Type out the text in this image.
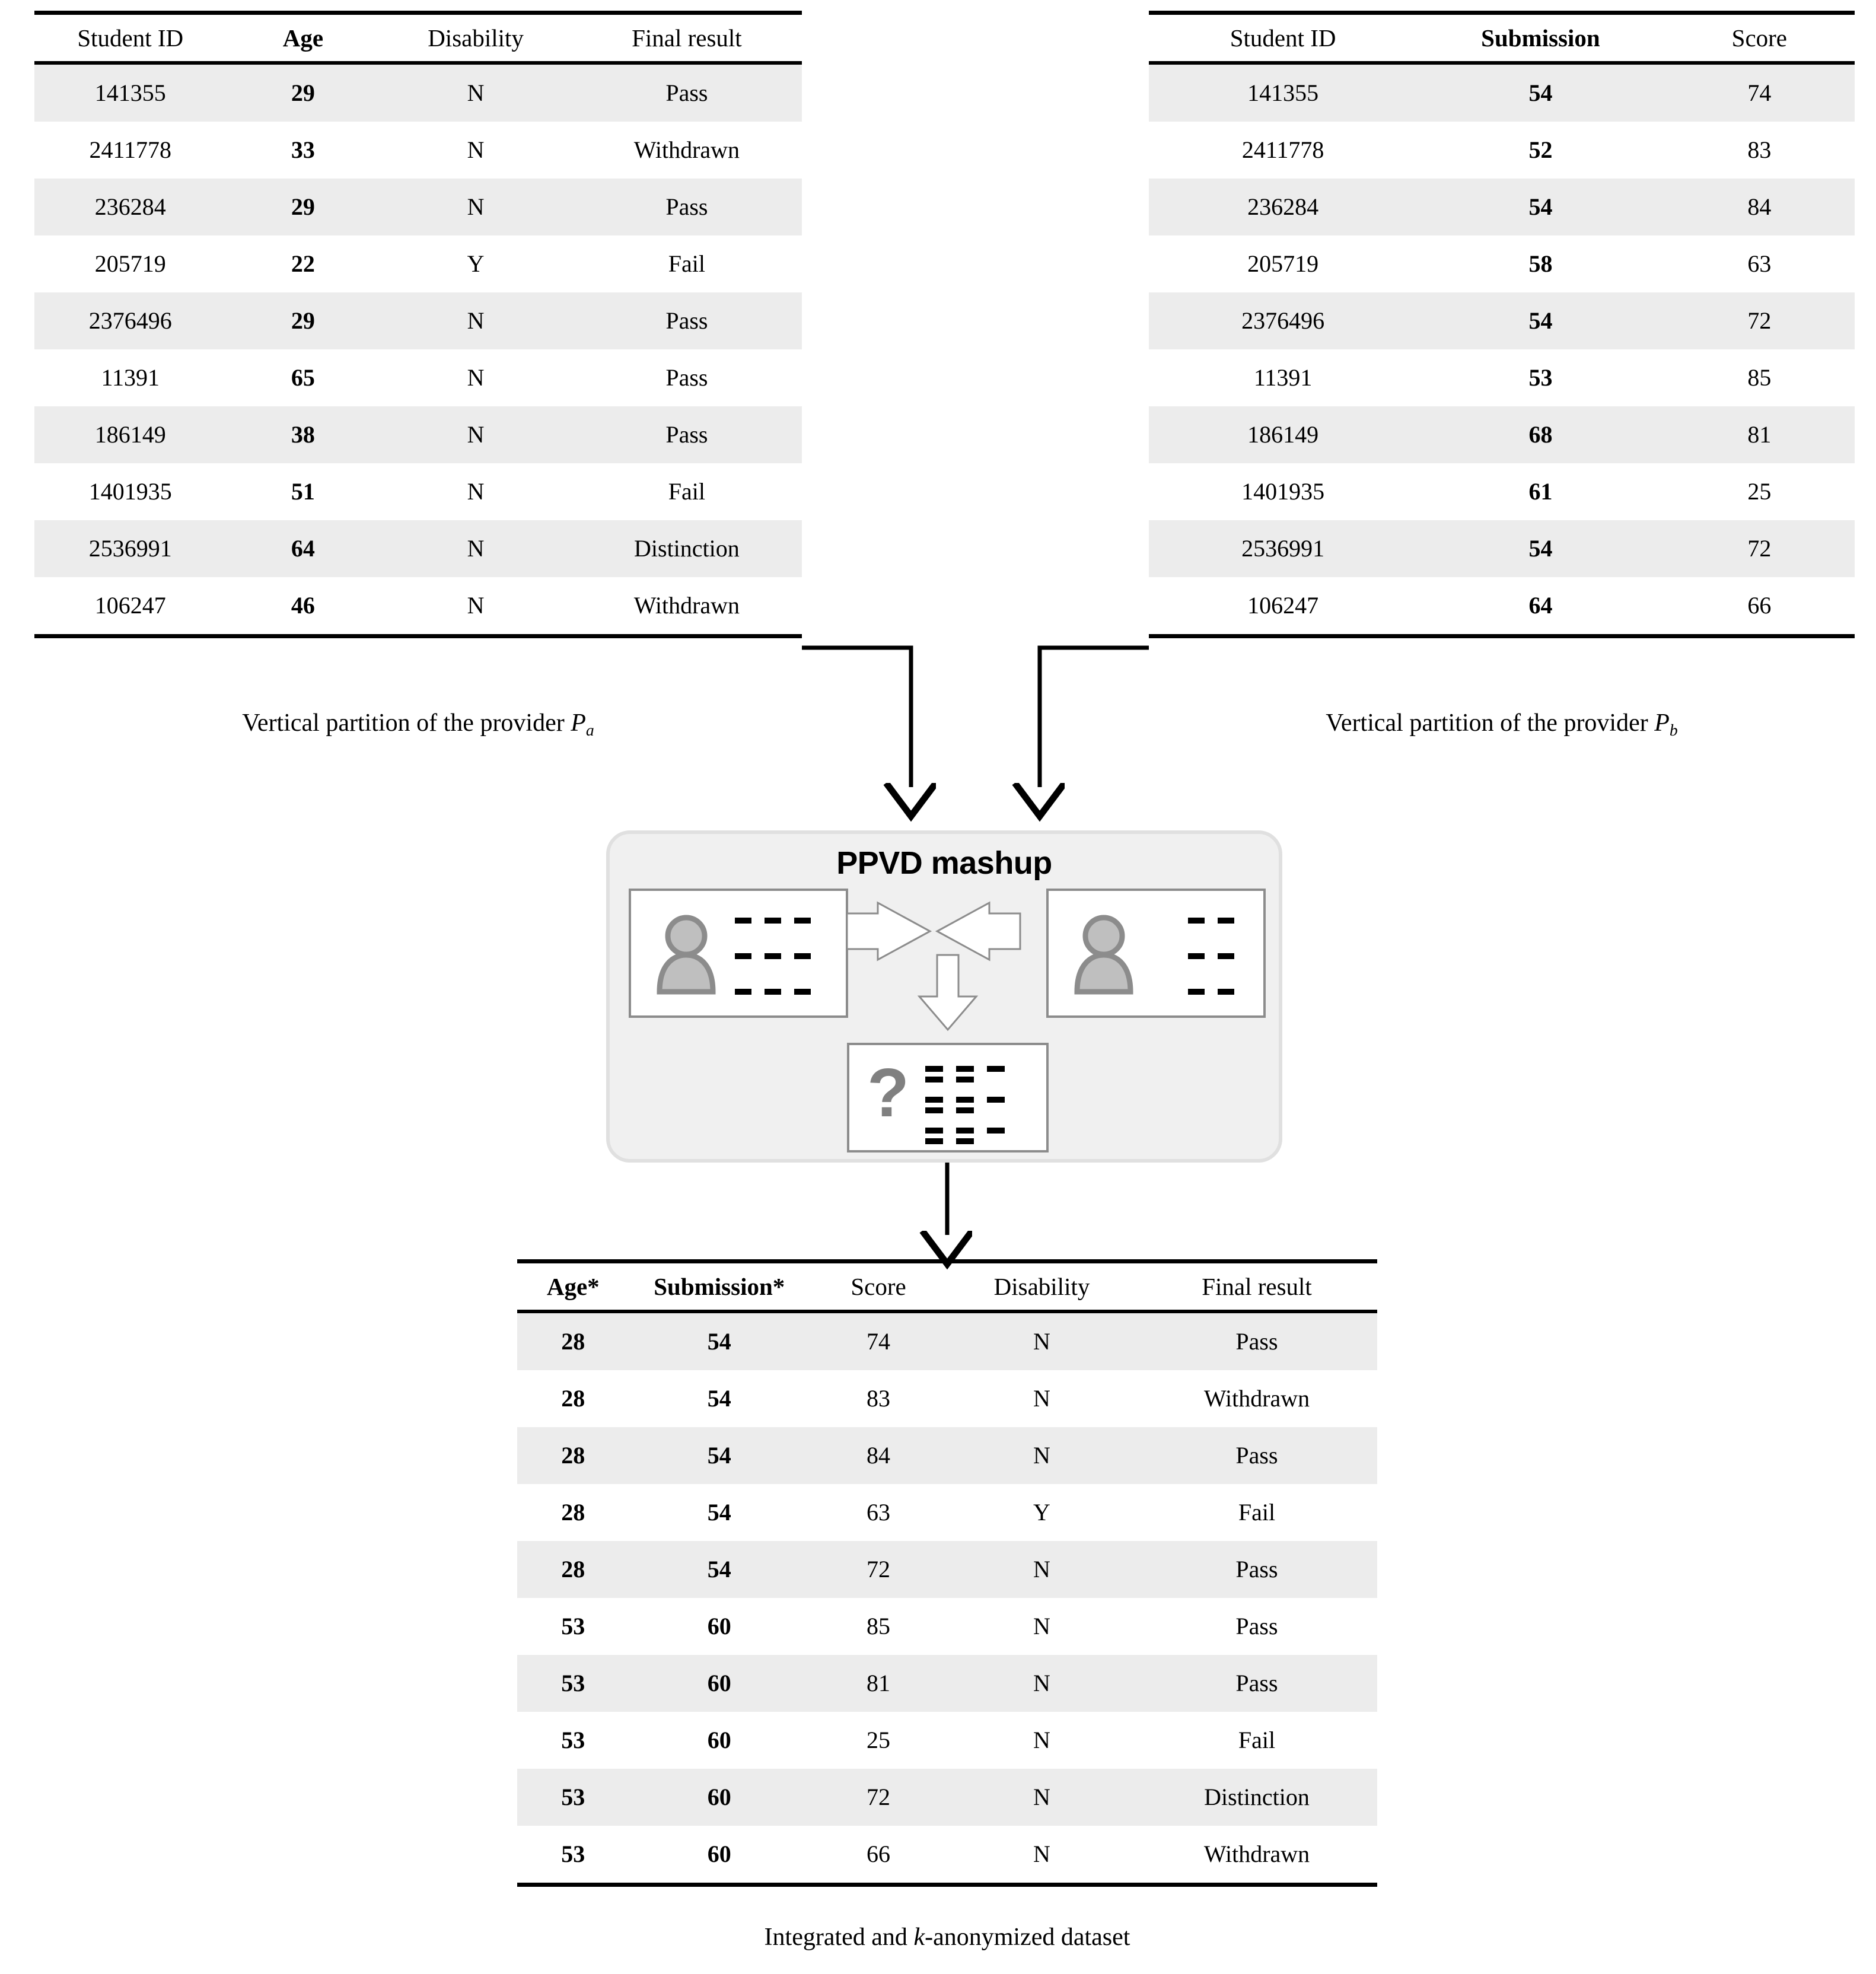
Student ID	Age	Disability	Final result
141355	29	N	Pass
2411778	33	N	Withdrawn
236284	29	N	Pass
205719	22	Y	Fail
2376496	29	N	Pass
11391	65	N	Pass
186149	38	N	Pass
1401935	51	N	Fail
2536991	64	N	Distinction
106247	46	N	Withdrawn
Vertical partition of the provider $P_a$
Student ID	Submission	Score
141355	54	74
2411778	52	83
236284	54	84
205719	58	63
2376496	54	72
11391	53	85
186149	68	81
1401935	61	25
2536991	54	72
106247	64	66
Vertical partition of the provider $P_b$
PPVD mashup
?
Age*	Submission*	Score	Disability	Final result
28	54	74	N	Pass
28	54	83	N	Withdrawn
28	54	84	N	Pass
28	54	63	Y	Fail
28	54	72	N	Pass
53	60	85	N	Pass
53	60	81	N	Pass
53	60	25	N	Fail
53	60	72	N	Distinction
53	60	66	N	Withdrawn
Integrated and k-anonymized dataset
